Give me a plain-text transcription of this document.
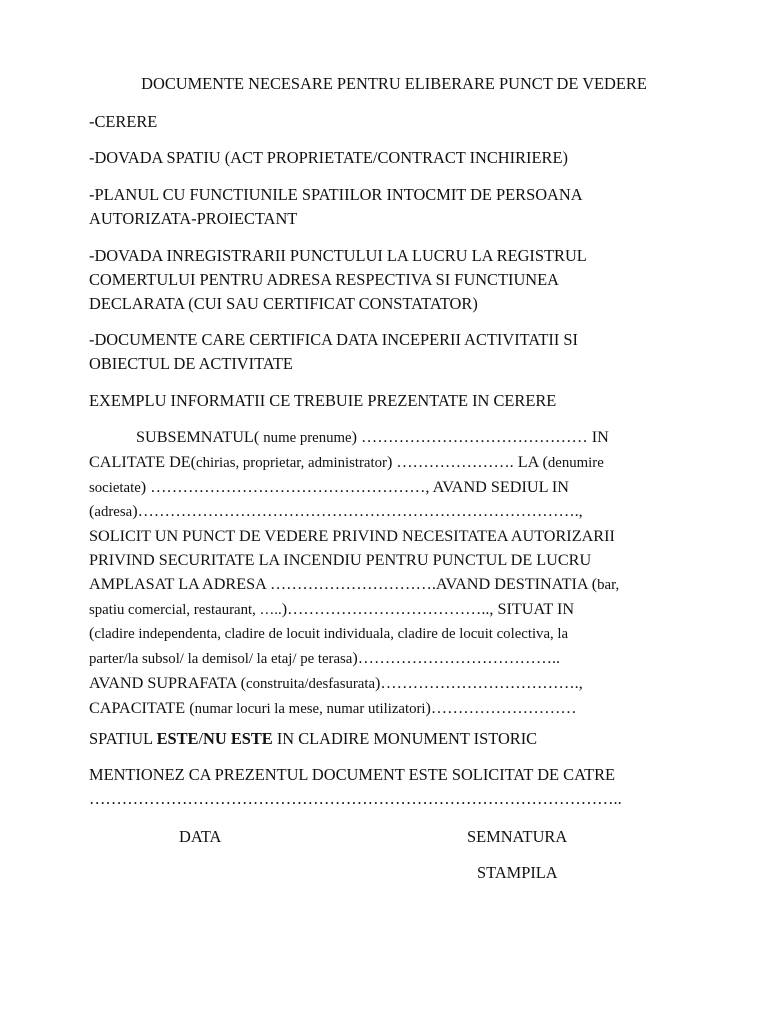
DOCUMENTE NECESARE PENTRU ELIBERARE PUNCT DE VEDERE
-CERERE
-DOVADA SPATIU (ACT PROPRIETATE/CONTRACT INCHIRIERE)
-PLANUL CU FUNCTIUNILE SPATIILOR INTOCMIT DE PERSOANA
AUTORIZATA-PROIECTANT
-DOVADA INREGISTRARII PUNCTULUI LA LUCRU LA REGISTRUL
COMERTULUI PENTRU ADRESA RESPECTIVA SI FUNCTIUNEA
DECLARATA (CUI SAU CERTIFICAT CONSTATATOR)
-DOCUMENTE CARE CERTIFICA DATA INCEPERII ACTIVITATII SI
OBIECTUL DE ACTIVITATE
EXEMPLU INFORMATII CE TREBUIE PREZENTATE IN CERERE
SUBSEMNATUL( nume prenume) …………………………………… IN
CALITATE DE(chirias, proprietar, administrator) …………………. LA (denumire
societate) ……………………………………………, AVAND SEDIUL IN
(adresa)……………………………………………………………………….,
SOLICIT UN PUNCT DE VEDERE PRIVIND NECESITATEA AUTORIZARII
PRIVIND SECURITATE LA INCENDIU PENTRU PUNCTUL DE LUCRU
AMPLASAT LA ADRESA ………………………….AVAND DESTINATIA (bar,
spatiu comercial, restaurant, …..)……………………………….., SITUAT IN
(cladire independenta, cladire de locuit individuala, cladire de locuit colectiva, la
parter/la subsol/ la demisol/ la etaj/ pe terasa)………………………………..
AVAND SUPRAFATA (construita/desfasurata)……………………………….,
CAPACITATE (numar locuri la mese, numar utilizatori)………………………
SPATIUL ESTE/NU ESTE IN CLADIRE MONUMENT ISTORIC
MENTIONEZ CA PREZENTUL DOCUMENT ESTE SOLICITAT DE CATRE
……………………………………………………………………………………..
DATA	SEMNATURA
STAMPILA
